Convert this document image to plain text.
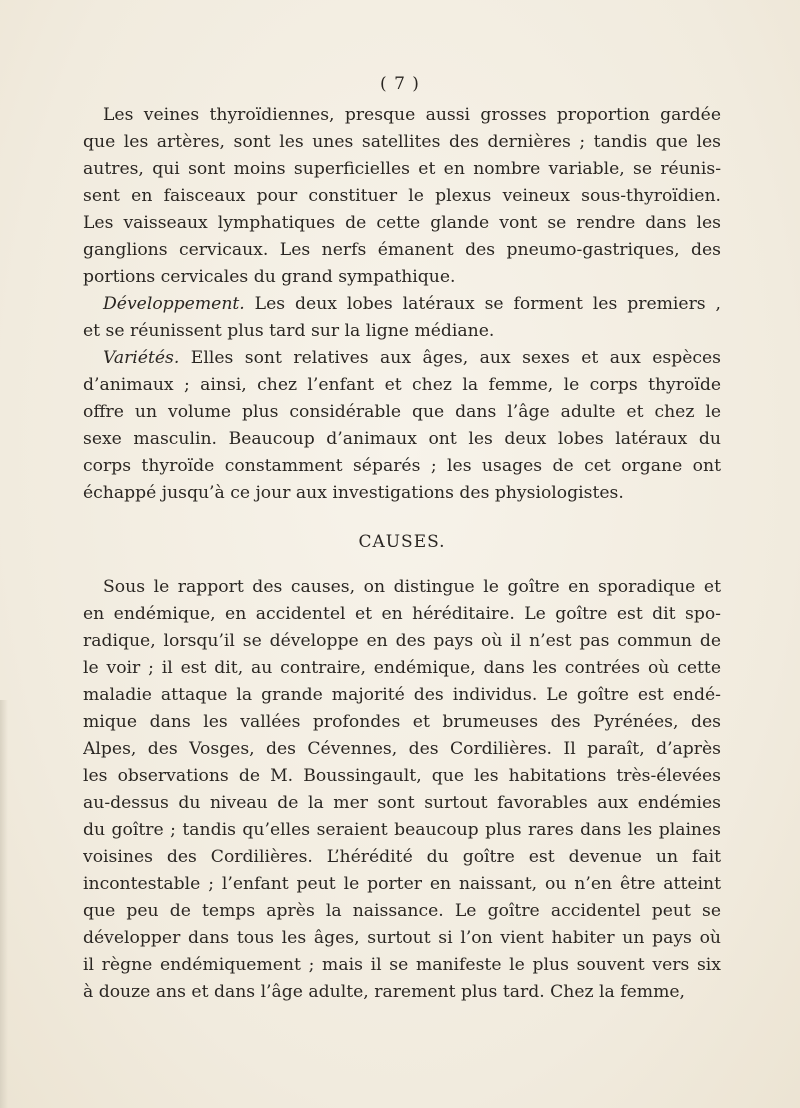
( 7 )
Les veines thyroïdiennes, presque aussi grosses proportion gardée
que les artères, sont les unes satellites des dernières ; tandis que les
autres, qui sont moins superficielles et en nombre variable, se réunis-
sent en faisceaux pour constituer le plexus veineux sous-thyroïdien.
Les vaisseaux lymphatiques de cette glande vont se rendre dans les
ganglions cervicaux. Les nerfs émanent des pneumo-gastriques, des
portions cervicales du grand sympathique.
Développement. Les deux lobes latéraux se forment les premiers ,
et se réunissent plus tard sur la ligne médiane.
Variétés. Elles sont relatives aux âges, aux sexes et aux espèces
d’animaux ; ainsi, chez l’enfant et chez la femme, le corps thyroïde
offre un volume plus considérable que dans l’âge adulte et chez le
sexe masculin. Beaucoup d’animaux ont les deux lobes latéraux du
corps thyroïde constamment séparés ; les usages de cet organe ont
échappé jusqu’à ce jour aux investigations des physiologistes.
CAUSES.
Sous le rapport des causes, on distingue le goître en sporadique et
en endémique, en accidentel et en héréditaire. Le goître est dit spo-
radique, lorsqu’il se développe en des pays où il n’est pas commun de
le voir ; il est dit, au contraire, endémique, dans les contrées où cette
maladie attaque la grande majorité des individus. Le goître est endé-
mique dans les vallées profondes et brumeuses des Pyrénées, des
Alpes, des Vosges, des Cévennes, des Cordilières. Il paraît, d’après
les observations de M. Boussingault, que les habitations très-élevées
au-dessus du niveau de la mer sont surtout favorables aux endémies
du goître ; tandis qu’elles seraient beaucoup plus rares dans les plaines
voisines des Cordilières. L’hérédité du goître est devenue un fait
incontestable ; l’enfant peut le porter en naissant, ou n’en être atteint
que peu de temps après la naissance. Le goître accidentel peut se
développer dans tous les âges, surtout si l’on vient habiter un pays où
il règne endémiquement ; mais il se manifeste le plus souvent vers six
à douze ans et dans l’âge adulte, rarement plus tard. Chez la femme,
